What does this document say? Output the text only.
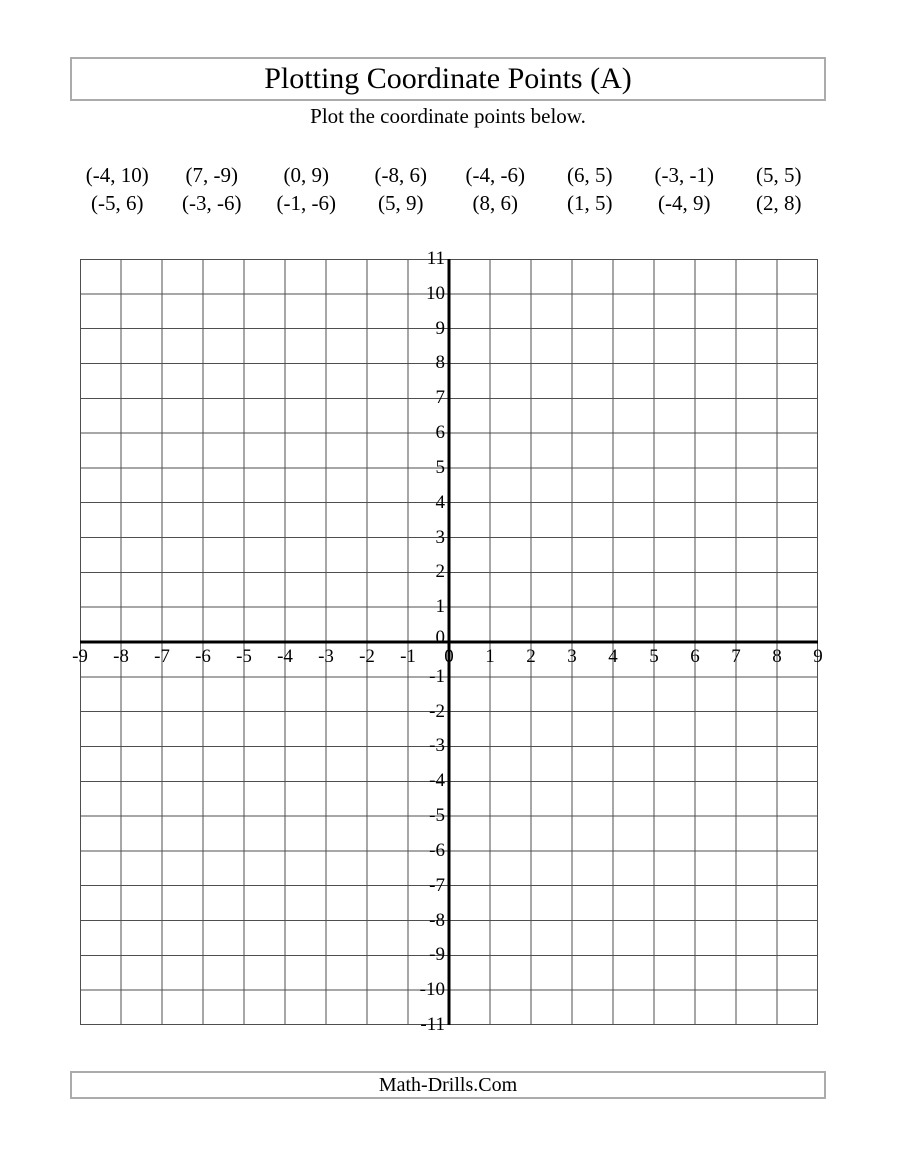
Plotting Coordinate Points (A)
Plot the coordinate points below.
(-4, 10)	(7, -9)	(0, 9)	(-8, 6)	(-4, -6)	(6, 5)	(-3, -1)	(5, 5)
(-5, 6)	(-3, -6)	(-1, -6)	(5, 9)	(8, 6)	(1, 5)	(-4, 9)	(2, 8)
-9 -8 -7 -6 -5 -4 -3 -2 -1 0 1 2 3 4 5 6 7 8 9
11
10
9
8
7
6
5
4
3
2
1
0
-1
-2
-3
-4
-5
-6
-7
-8
-9
-10
-11
Math-Drills.Com
